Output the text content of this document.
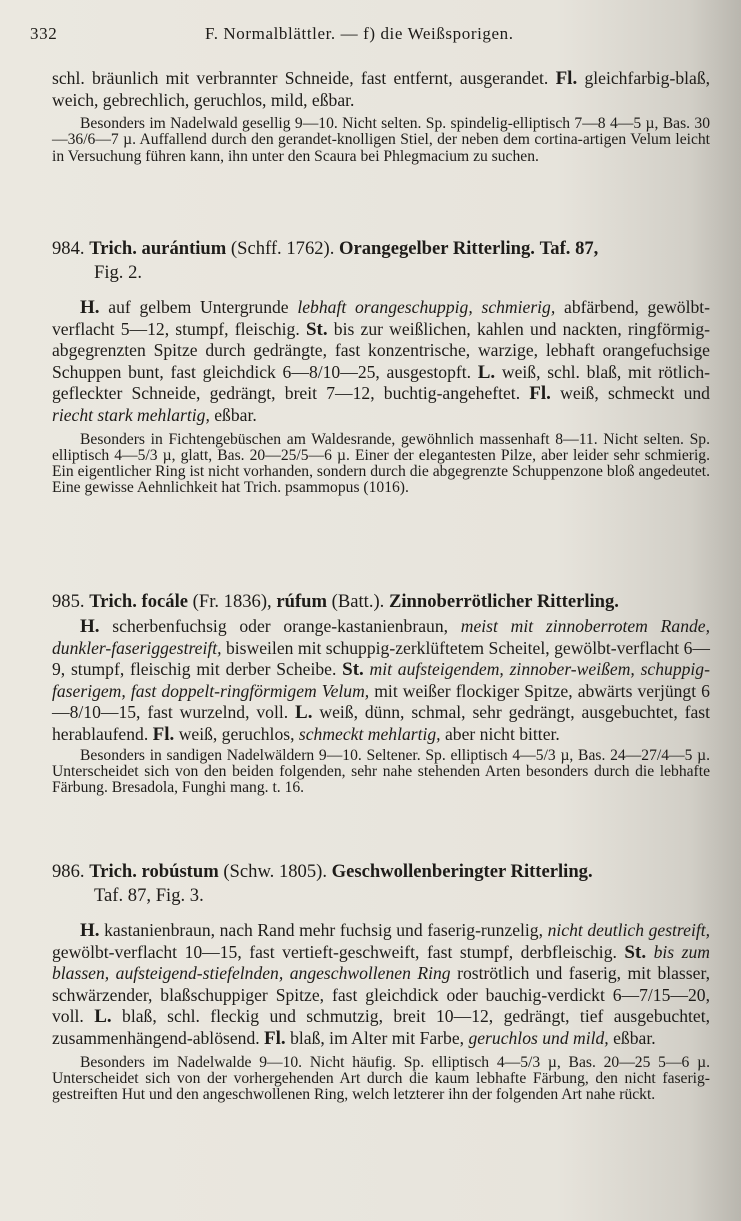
332	F. Normalblättler. — f) die Weißsporigen.

schl. bräunlich mit verbrannter Schneide, fast entfernt, ausgerandet. Fl. gleichfarbig-blaß, weich, gebrechlich, geruchlos, mild, eßbar.

Besonders im Nadelwald gesellig 9—10. Nicht selten. Sp. spindelig-elliptisch 7—8 4—5 µ, Bas. 30—36/6—7 µ. Auffallend durch den gerandet-knolligen Stiel, der neben dem cortina-artigen Velum leicht in Versuchung führen kann, ihn unter den Scaura bei Phlegmacium zu suchen.

984. Trich. aurántium (Schff. 1762). Orangegelber Ritterling. Taf. 87,
Fig. 2.

H. auf gelbem Untergrunde lebhaft orangeschuppig, schmierig, abfärbend, gewölbt-verflacht 5—12, stumpf, fleischig. St. bis zur weißlichen, kahlen und nackten, ringförmig-abgegrenzten Spitze durch gedrängte, fast konzentrische, warzige, lebhaft orangefuchsige Schuppen bunt, fast gleichdick 6—8/10—25, ausgestopft. L. weiß, schl. blaß, mit rötlich-gefleckter Schneide, gedrängt, breit 7—12, buchtig-angeheftet. Fl. weiß, schmeckt und riecht stark mehlartig, eßbar.

Besonders in Fichtengebüschen am Waldesrande, gewöhnlich massenhaft 8—11. Nicht selten. Sp. elliptisch 4—5/3 µ, glatt, Bas. 20—25/5—6 µ. Einer der elegantesten Pilze, aber leider sehr schmierig. Ein eigentlicher Ring ist nicht vorhanden, sondern durch die abgegrenzte Schuppenzone bloß angedeutet. Eine gewisse Aehnlichkeit hat Trich. psammopus (1016).

985. Trich. focále (Fr. 1836), rúfum (Batt.). Zinnoberrötlicher Ritterling.

H. scherbenfuchsig oder orange-kastanienbraun, meist mit zinnoberrotem Rande, dunkler-faseriggestreift, bisweilen mit schuppig-zerklüftetem Scheitel, gewölbt-verflacht 6—9, stumpf, fleischig mit derber Scheibe. St. mit aufsteigendem, zinnober-weißem, schuppig-faserigem, fast doppelt-ringförmigem Velum, mit weißer flockiger Spitze, abwärts verjüngt 6—8/10—15, fast wurzelnd, voll. L. weiß, dünn, schmal, sehr gedrängt, ausgebuchtet, fast herablaufend. Fl. weiß, geruchlos, schmeckt mehlartig, aber nicht bitter.

Besonders in sandigen Nadelwäldern 9—10. Seltener. Sp. elliptisch 4—5/3 µ, Bas. 24—27/4—5 µ. Unterscheidet sich von den beiden folgenden, sehr nahe stehenden Arten besonders durch die lebhafte Färbung. Bresadola, Funghi mang. t. 16.

986. Trich. robústum (Schw. 1805). Geschwollenberingter Ritterling.
Taf. 87, Fig. 3.

H. kastanienbraun, nach Rand mehr fuchsig und faserig-runzelig, nicht deutlich gestreift, gewölbt-verflacht 10—15, fast vertieft-geschweift, fast stumpf, derbfleischig. St. bis zum blassen, aufsteigend-stiefelnden, angeschwollenen Ring roströtlich und faserig, mit blasser, schwärzender, blaßschuppiger Spitze, fast gleichdick oder bauchig-verdickt 6—7/15—20, voll. L. blaß, schl. fleckig und schmutzig, breit 10—12, gedrängt, tief ausgebuchtet, zusammenhängend-ablösend. Fl. blaß, im Alter mit Farbe, geruchlos und mild, eßbar.

Besonders im Nadelwalde 9—10. Nicht häufig. Sp. elliptisch 4—5/3 µ, Bas. 20—25 5—6 µ. Unterscheidet sich von der vorhergehenden Art durch die kaum lebhafte Färbung, den nicht faserig-gestreiften Hut und den angeschwollenen Ring, welch letzterer ihn der folgenden Art nahe rückt.
